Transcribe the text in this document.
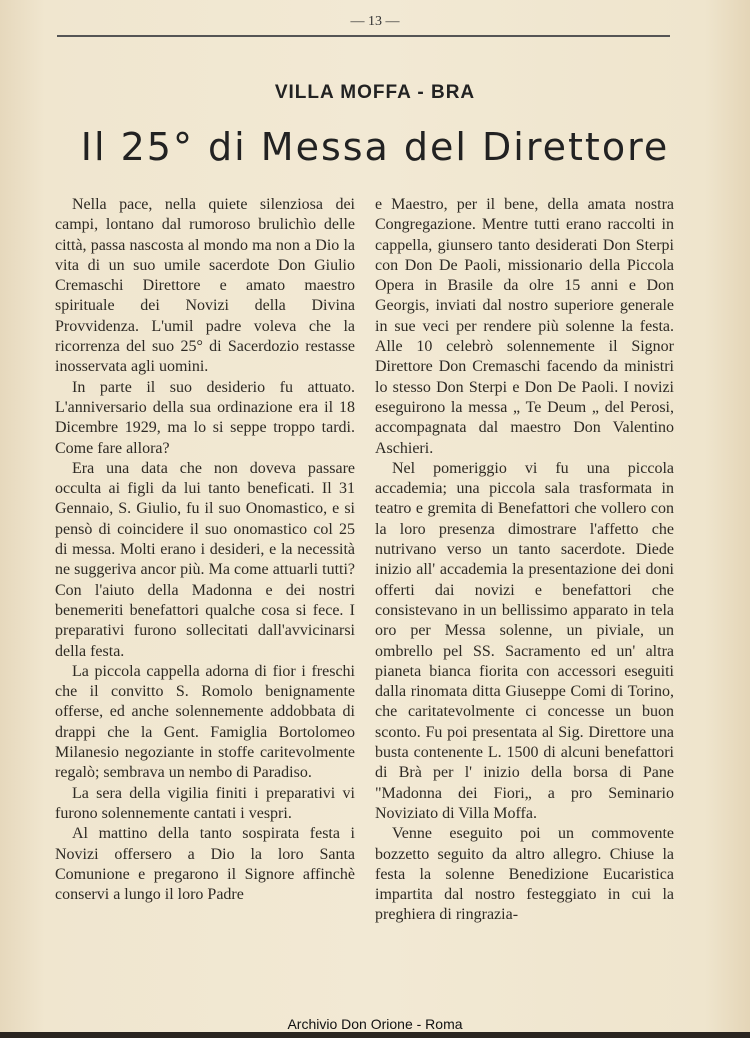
— 13 —
VILLA MOFFA - BRA
Il 25° di Messa del Direttore

Nella pace, nella quiete silenziosa dei campi, lontano dal rumoroso brulichìo delle città, passa nascosta al mondo ma non a Dio la vita di un suo umile sacerdote Don Giulio Cremaschi Direttore e amato maestro spirituale dei Novizi della Divina Provvidenza. L'umil padre voleva che la ricorrenza del suo 25° di Sacerdozio restasse inosservata agli uomini.

In parte il suo desiderio fu attuato. L'anniversario della sua ordinazione era il 18 Dicembre 1929, ma lo si seppe troppo tardi. Come fare allora?

Era una data che non doveva passare occulta ai figli da lui tanto beneficati. Il 31 Gennaio, S. Giulio, fu il suo Onomastico, e si pensò di coincidere il suo onomastico col 25 di messa. Molti erano i desideri, e la necessità ne suggeriva ancor più. Ma come attuarli tutti? Con l'aiuto della Madonna e dei nostri benemeriti benefattori qualche cosa si fece. I preparativi furono sollecitati dall'avvicinarsi della festa.

La piccola cappella adorna di fior i freschi che il convitto S. Romolo benignamente offerse, ed anche solennemente addobbata di drappi che la Gent. Famiglia Bortolomeo Milanesio negoziante in stoffe caritevolmente regalò; sembrava un nembo di Paradiso.

La sera della vigilia finiti i preparativi vi furono solennemente cantati i vespri.

Al mattino della tanto sospirata festa i Novizi offersero a Dio la loro Santa Comunione e pregarono il Signore affinchè conservi a lungo il loro Padre

e Maestro, per il bene, della amata nostra Congregazione. Mentre tutti erano raccolti in cappella, giunsero tanto desiderati Don Sterpi con Don De Paoli, missionario della Piccola Opera in Brasile da olre 15 anni e Don Georgis, inviati dal nostro superiore generale in sue veci per rendere più solenne la festa. Alle 10 celebrò solennemente il Signor Direttore Don Cremaschi facendo da ministri lo stesso Don Sterpi e Don De Paoli. I novizi eseguirono la messa „ Te Deum „ del Perosi, accompagnata dal maestro Don Valentino Aschieri.

Nel pomeriggio vi fu una piccola accademia; una piccola sala trasformata in teatro e gremita di Benefattori che vollero con la loro presenza dimostrare l'affetto che nutrivano verso un tanto sacerdote. Diede inizio all' accademia la presentazione dei doni offerti dai novizi e benefattori che consistevano in un bellissimo apparato in tela oro per Messa solenne, un piviale, un ombrello pel SS. Sacramento ed un' altra pianeta bianca fiorita con accessori eseguiti dalla rinomata ditta Giuseppe Comi di Torino, che caritatevolmente ci concesse un buon sconto. Fu poi presentata al Sig. Direttore una busta contenente L. 1500 di alcuni benefattori di Brà per l' inizio della borsa di Pane "Madonna dei Fiori„ a pro Seminario Noviziato di Villa Moffa.

Venne eseguito poi un commovente bozzetto seguito da altro allegro. Chiuse la festa la solenne Benedizione Eucaristica impartita dal nostro festeggiato in cui la preghiera di ringrazia-

Archivio Don Orione - Roma
